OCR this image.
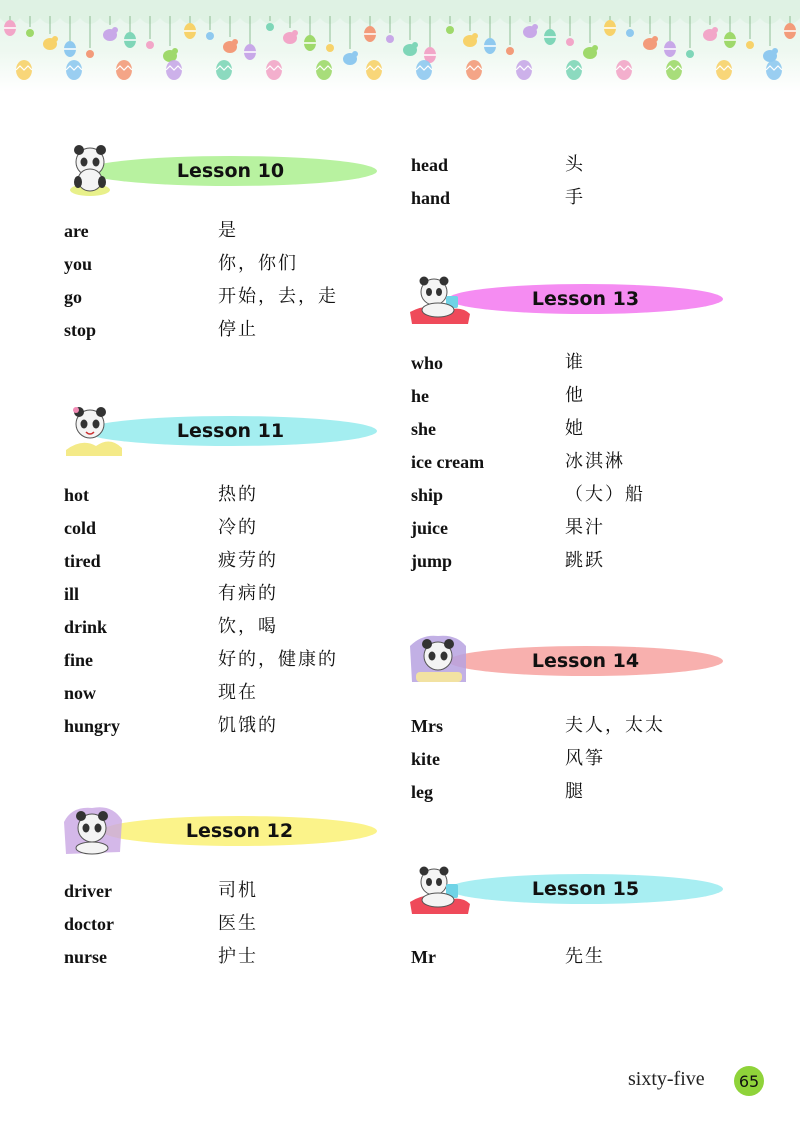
Lesson 10
Lesson 11
Lesson 12
Lesson 13
Lesson 14
Lesson 15
are	是
you	你，你们
go	开始，去，走
stop	停止
hot	热的
cold	冷的
tired	疲劳的
ill	有病的
drink	饮，喝
fine	好的，健康的
now	现在
hungry	饥饿的
driver	司机
doctor	医生
nurse	护士
head	头
hand	手
who	谁
he	他
she	她
ice cream	冰淇淋
ship	（大）船
juice	果汁
jump	跳跃
Mrs	夫人，太太
kite	风筝
leg	腿
Mr	先生
sixty-five	65
